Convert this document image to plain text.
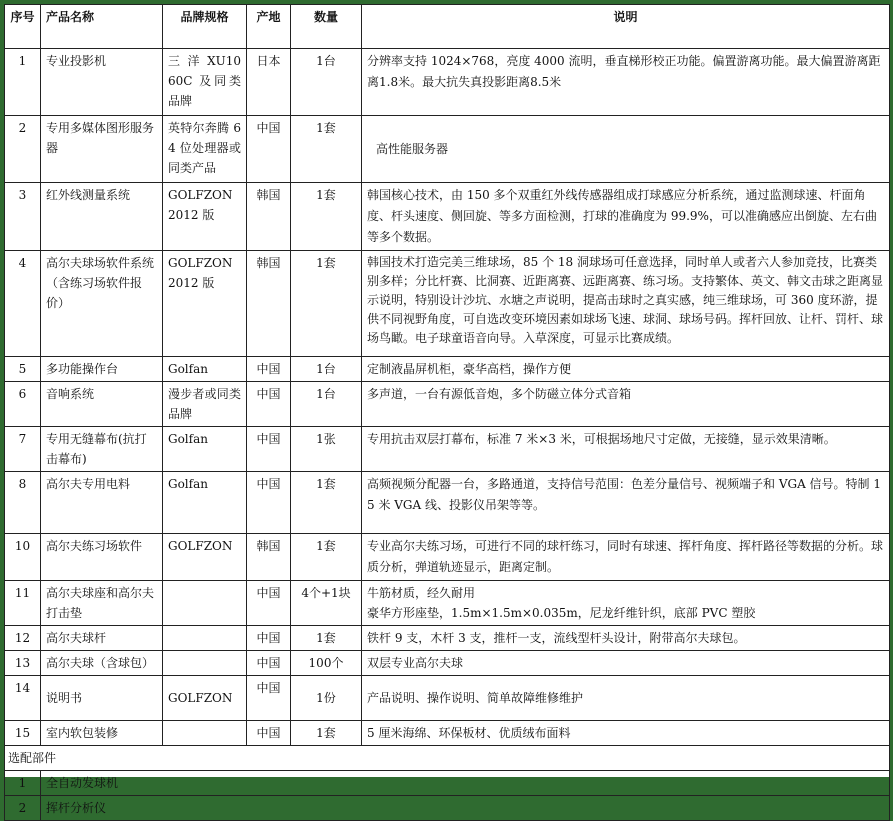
序号	产品名称	品牌规格	产地	数量	说明
1	专业投影机	三 洋 XU1060C 及同类品牌	日本	1台	分辨率支持 1024×768，亮度 4000 流明，垂直梯形校正功能。偏置游离功能。最大偏置游离距离1.8米。最大抗失真投影距离8.5米
2	专用多媒体图形服务器	英特尔奔腾 64 位处理器或同类产品	中国	1套	高性能服务器
3	红外线测量系统	GOLFZON 2012 版	韩国	1套	韩国核心技术，由 150 多个双重红外线传感器组成打球感应分析系统，通过监测球速、杆面角度、杆头速度、侧回旋、等多方面检测，打球的准确度为 99.9%，可以准确感应出倒旋、左右曲等多个数据。
4	高尔夫球场软件系统（含练习场软件报价）	GOLFZON 2012 版	韩国	1套	韩国技术打造完美三维球场，85 个 18 洞球场可任意选择，同时单人或者六人参加竞技，比赛类别多样；分比杆赛、比洞赛、近距离赛、远距离赛、练习场。支持繁体、英文、韩文击球之距离显示说明，特别设计沙坑、水塘之声说明，提高击球时之真实感，纯三维球场，可 360 度环游，提供不同视野角度，可自选改变环境因素如球场飞速、球洞、球场号码。挥杆回放、让杆、罚杆、球场鸟瞰。电子球童语音向导。入草深度，可显示比赛成绩。
5	多功能操作台	Golfan	中国	1台	定制液晶屏机柜，豪华高档，操作方便
6	音响系统	漫步者或同类品牌	中国	1台	多声道，一台有源低音炮，多个防磁立体分式音箱
7	专用无缝幕布(抗打击幕布)	Golfan	中国	1张	专用抗击双层打幕布，标准 7 米×3 米，可根据场地尺寸定做，无接缝，显示效果清晰。
8	高尔夫专用电料	Golfan	中国	1套	高频视频分配器一台，多路通道，支持信号范围：色差分量信号、视频端子和 VGA 信号。特制 15 米 VGA 线、投影仪吊架等等。
10	高尔夫练习场软件	GOLFZON	韩国	1套	专业高尔夫练习场，可进行不同的球杆练习，同时有球速、挥杆角度、挥杆路径等数据的分析。球质分析，弹道轨迹显示，距离定制。
11	高尔夫球座和高尔夫打击垫		中国	4个+1块	牛筋材质，经久耐用
豪华方形座垫，1.5m×1.5m×0.035m，尼龙纤维针织，底部 PVC 塑胶
12	高尔夫球杆		中国	1套	铁杆 9 支，木杆 3 支，推杆一支，流线型杆头设计，附带高尔夫球包。
13	高尔夫球（含球包）		中国	100个	双层专业高尔夫球
14	说明书	GOLFZON	中国	1份	产品说明、操作说明、简单故障维修维护
15	室内软包装修		中国	1套	5 厘米海绵、环保板材、优质绒布面料
选配部件					
1	全自动发球机				
2	挥杆分析仪				
